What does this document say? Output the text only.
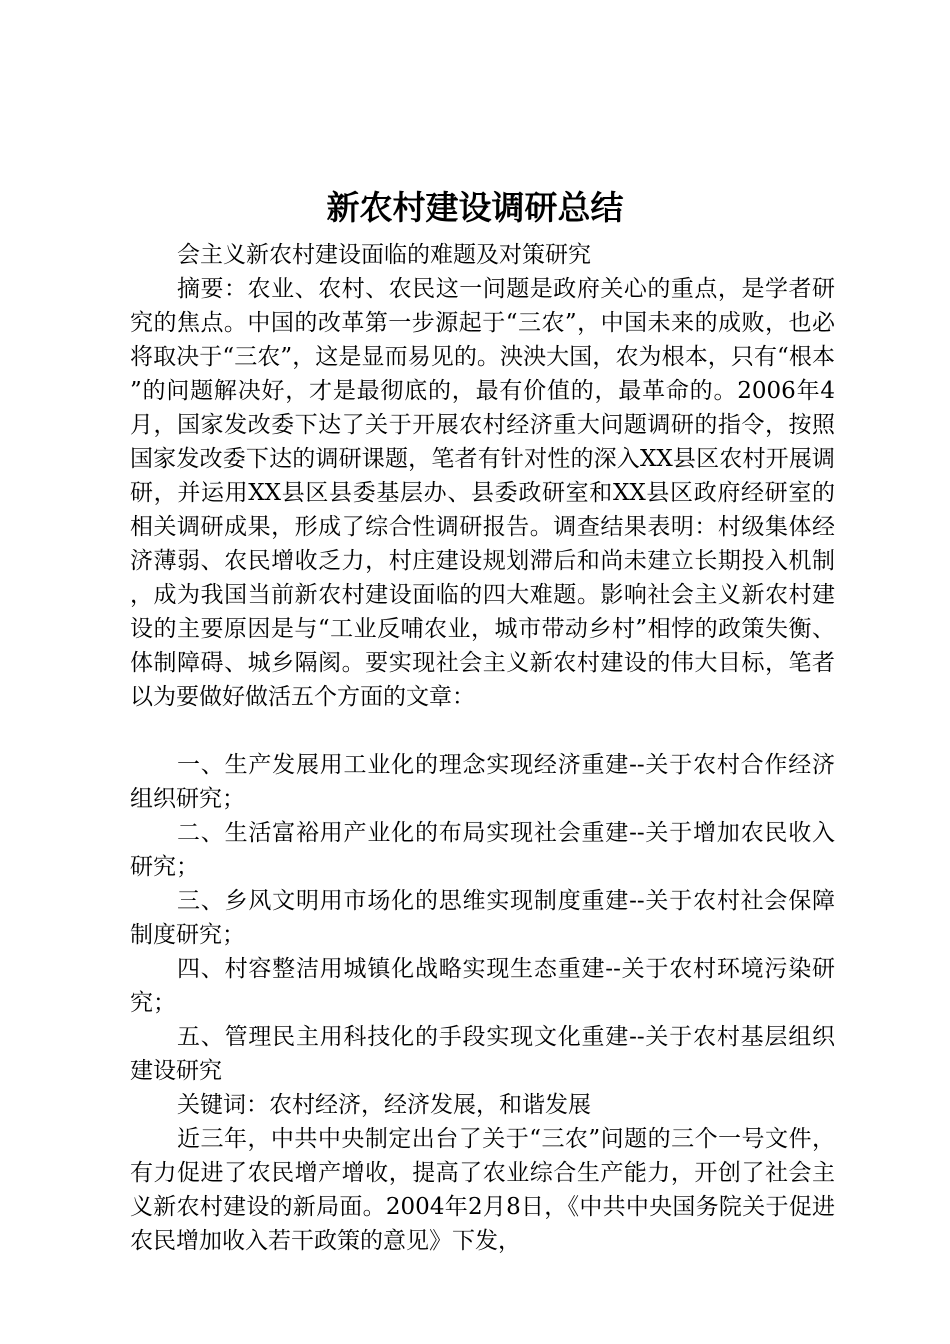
新农村建设调研总结

会主义新农村建设面临的难题及对策研究

摘要：农业、农村、农民这一问题是政府关心的重点，是学者研究的焦点。中国的改革第一步源起于“三农”，中国未来的成败，也必将取决于“三农”，这是显而易见的。泱泱大国，农为根本，只有“根本”的问题解决好，才是最彻底的，最有价值的，最革命的。2006年4月，国家发改委下达了关于开展农村经济重大问题调研的指令，按照国家发改委下达的调研课题，笔者有针对性的深入XX县区农村开展调研，并运用XX县区县委基层办、县委政研室和XX县区政府经研室的相关调研成果，形成了综合性调研报告。调查结果表明：村级集体经济薄弱、农民增收乏力，村庄建设规划滞后和尚未建立长期投入机制，成为我国当前新农村建设面临的四大难题。影响社会主义新农村建设的主要原因是与“工业反哺农业，城市带动乡村”相悖的政策失衡、体制障碍、城乡隔阂。要实现社会主义新农村建设的伟大目标，笔者以为要做好做活五个方面的文章：

一、生产发展用工业化的理念实现经济重建--关于农村合作经济组织研究；

二、生活富裕用产业化的布局实现社会重建--关于增加农民收入研究；

三、乡风文明用市场化的思维实现制度重建--关于农村社会保障制度研究；

四、村容整洁用城镇化战略实现生态重建--关于农村环境污染研究；

五、管理民主用科技化的手段实现文化重建--关于农村基层组织建设研究

关键词：农村经济，经济发展，和谐发展

近三年，中共中央制定出台了关于“三农”问题的三个一号文件，有力促进了农民增产增收，提高了农业综合生产能力，开创了社会主义新农村建设的新局面。2004年2月8日，《中共中央国务院关于促进农民增加收入若干政策的意见》下发，
